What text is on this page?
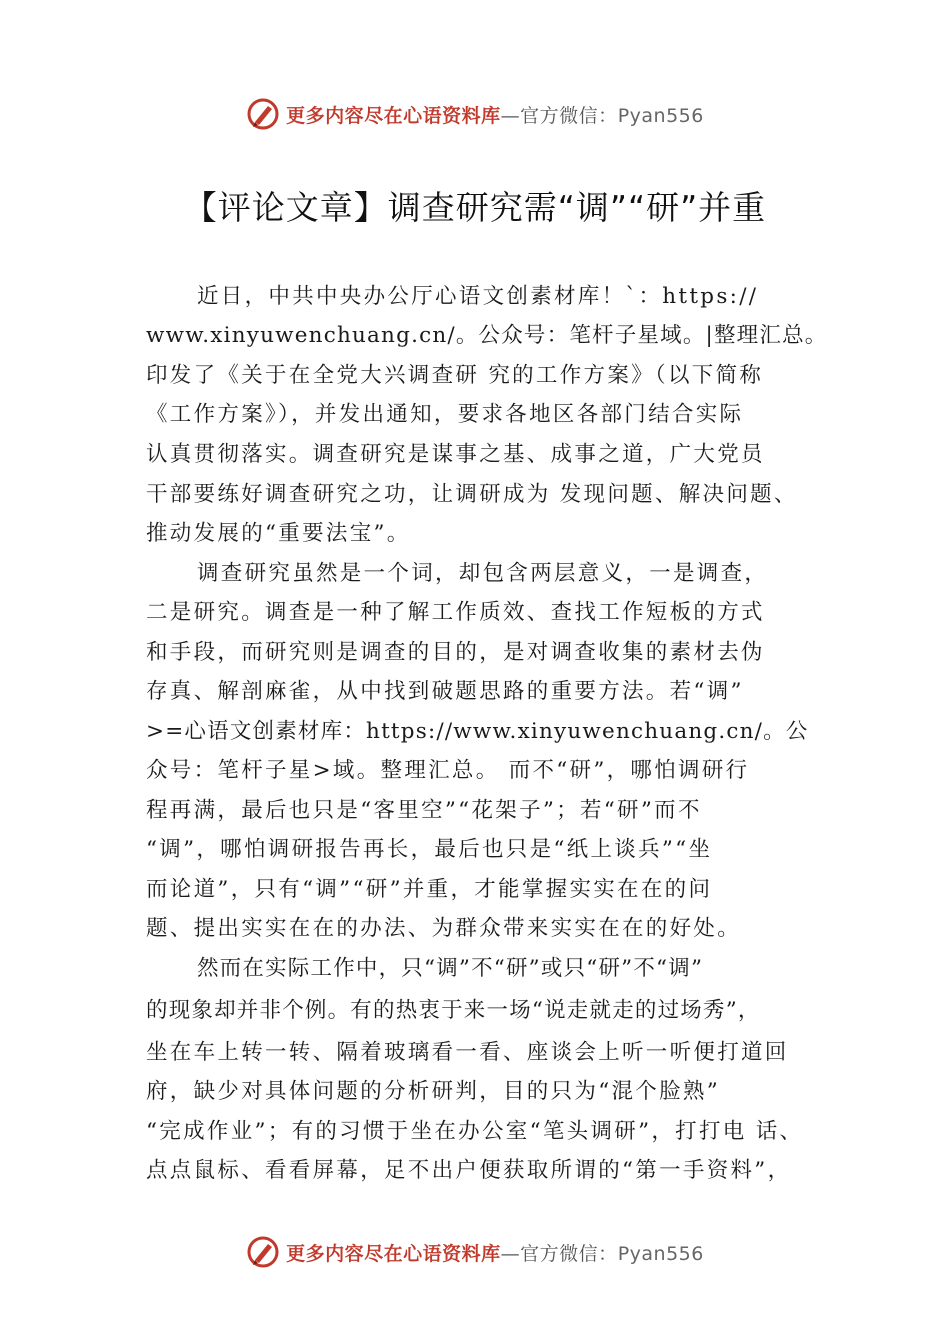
更多内容尽在心语资料库—官方微信：Pyan556
【评论文章】调查研究需“调”“研”并重
近日，中共中央办公厅心语文创素材库！`：https://
www.xinyuwenchuang.cn/。公众号：笔杆子星域。|整理汇总。
印发了《关于在全党大兴调查研 究的工作方案》（以下简称
《工作方案》），并发出通知，要求各地区各部门结合实际
认真贯彻落实。调查研究是谋事之基、成事之道，广大党员
干部要练好调查研究之功，让调研成为 发现问题、解决问题、
推动发展的“重要法宝”。
调查研究虽然是一个词，却包含两层意义，一是调查，
二是研究。调查是一种了解工作质效、查找工作短板的方式
和手段，而研究则是调查的目的，是对调查收集的素材去伪
存真、解剖麻雀，从中找到破题思路的重要方法。若“调”
>=心语文创素材库：https://www.xinyuwenchuang.cn/。公
众号：笔杆子星>域。整理汇总。 而不“研”，哪怕调研行
程再满，最后也只是“客里空”“花架子”；若“研”而不
“调”，哪怕调研报告再长，最后也只是“纸上谈兵”“坐
而论道”，只有“调”“研”并重，才能掌握实实在在的问
题、提出实实在在的办法、为群众带来实实在在的好处。
然而在实际工作中，只“调”不“研”或只“研”不“调”
的现象却并非个例。有的热衷于来一场“说走就走的过场秀”，
坐在车上转一转、隔着玻璃看一看、座谈会上听一听便打道回
府，缺少对具体问题的分析研判，目的只为“混个脸熟”
“完成作业”；有的习惯于坐在办公室“笔头调研”，打打电 话、
点点鼠标、看看屏幕，足不出户便获取所谓的“第一手资料”，
更多内容尽在心语资料库—官方微信：Pyan556
